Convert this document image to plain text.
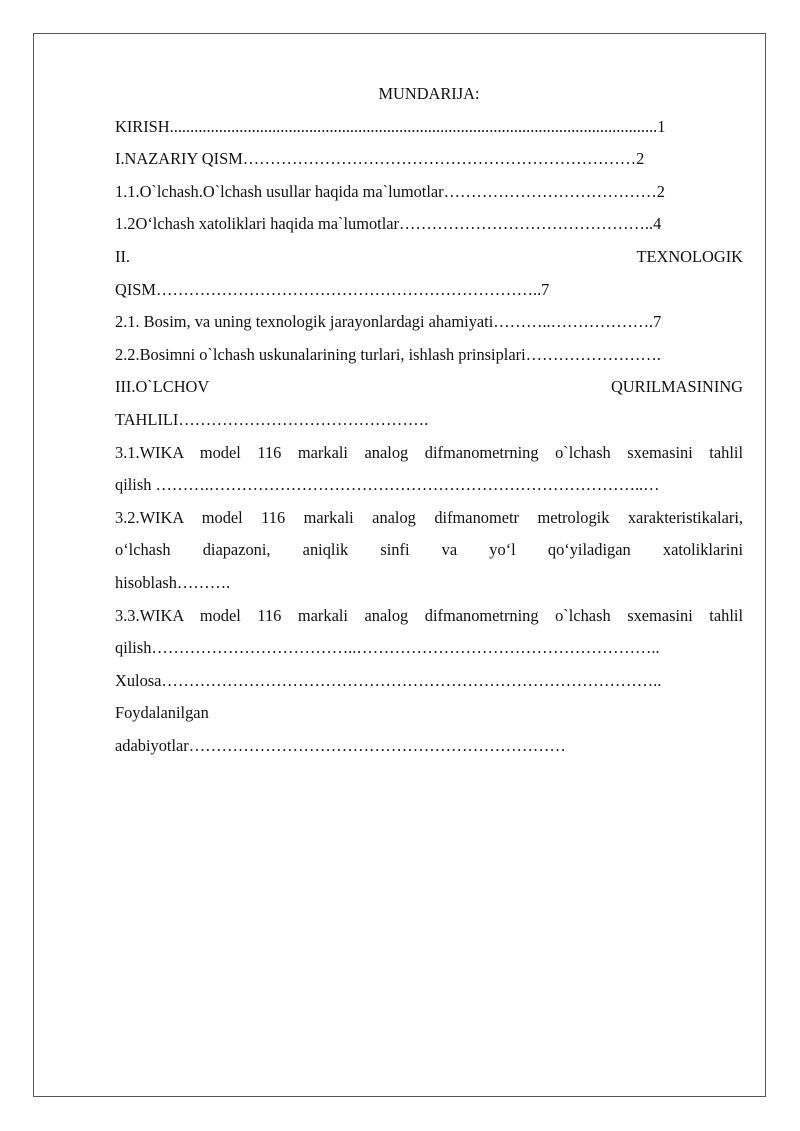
MUNDARIJA:
KIRISH.......................................................................................................................1
I.NAZARIY QISM………………………………………………………………2
1.1.O`lchash.O`lchash usullar haqida ma`lumotlar…………………………………2
1.2O‘lchash xatoliklari haqida ma`lumotlar………………………………………..4
II. TEXNOLOGIK
QISM……………………………………………………………..7
2.1. Bosim, va uning texnologik jarayonlardagi ahamiyati………..……………….7
2.2.Bosimni o`lchash uskunalarining turlari, ishlash prinsiplari…………………….
III.O`LCHOV QURILMASINING
TAHLILI……………………………………….
3.1.WIKA model 116 markali analog difmanometrning o`lchash sxemasini tahlil
qilish ……….……………………………………………………………………..…
3.2.WIKA model 116 markali analog difmanometr metrologik xarakteristikalari,
o‘lchash diapazoni, aniqlik sinfi va yo‘l qo‘yiladigan xatoliklarini
hisoblash……….
3.3.WIKA model 116 markali analog difmanometrning o`lchash sxemasini tahlil
qilish………………………………..………………………………………………..
Xulosa………………………………………………………………………………..
Foydalanilgan
adabiyotlar……………………………………………………………
